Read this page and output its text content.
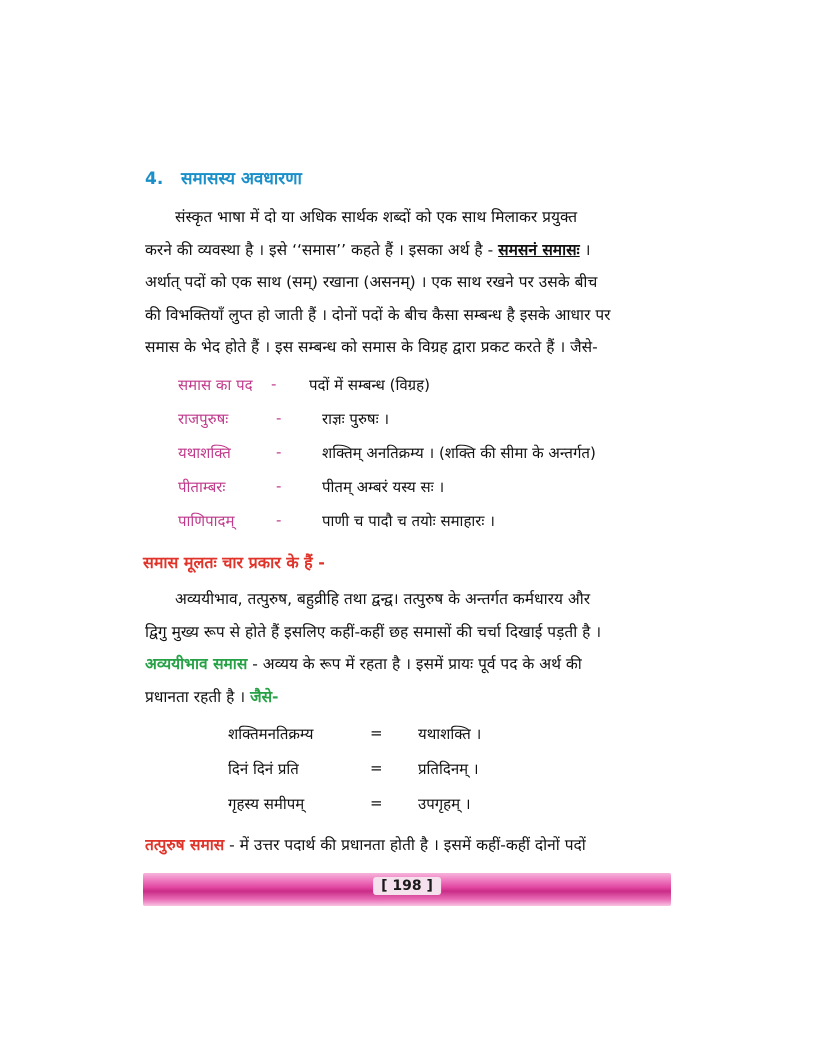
4. समासस्य अवधारणा
संस्कृत भाषा में दो या अधिक सार्थक शब्दों को एक साथ मिलाकर प्रयुक्त
करने की व्यवस्था है । इसे ‘‘समास’’ कहते हैं । इसका अर्थ है - समसनं समासः ।
अर्थात् पदों को एक साथ (सम्) रखाना (असनम्) । एक साथ रखने पर उसके बीच
की विभक्तियाँ लुप्त हो जाती हैं । दोनों पदों के बीच कैसा सम्बन्ध है इसके आधार पर
समास के भेद होते हैं । इस सम्बन्ध को समास के विग्रह द्वारा प्रकट करते हैं । जैसे-
समास का पद - पदों में सम्बन्ध (विग्रह)
राजपुरुषः	-	राज्ञः पुरुषः ।
यथाशक्ति	-	शक्तिम् अनतिक्रम्य । (शक्ति की सीमा के अन्तर्गत)
पीताम्बरः	-	पीतम् अम्बरं यस्य सः ।
पाणिपादम्	-	पाणी च पादौ च तयोः समाहारः ।
समास मूलतः चार प्रकार के हैं -
अव्ययीभाव, तत्पुरुष, बहुव्रीहि तथा द्वन्द्व। तत्पुरुष के अन्तर्गत कर्मधारय और
द्विगु मुख्य रूप से होते हैं इसलिए कहीं-कहीं छह समासों की चर्चा दिखाई पड़ती है ।
अव्ययीभाव समास - अव्यय के रूप में रहता है । इसमें प्रायः पूर्व पद के अर्थ की
प्रधानता रहती है । जैसे-
शक्तिमनतिक्रम्य	= यथाशक्ति ।
दिनं दिनं प्रति	= प्रतिदिनम् ।
गृहस्य समीपम्	= उपगृहम् ।
तत्पुरुष समास - में उत्तर पदार्थ की प्रधानता होती है । इसमें कहीं-कहीं दोनों पदों
[ 198 ]
